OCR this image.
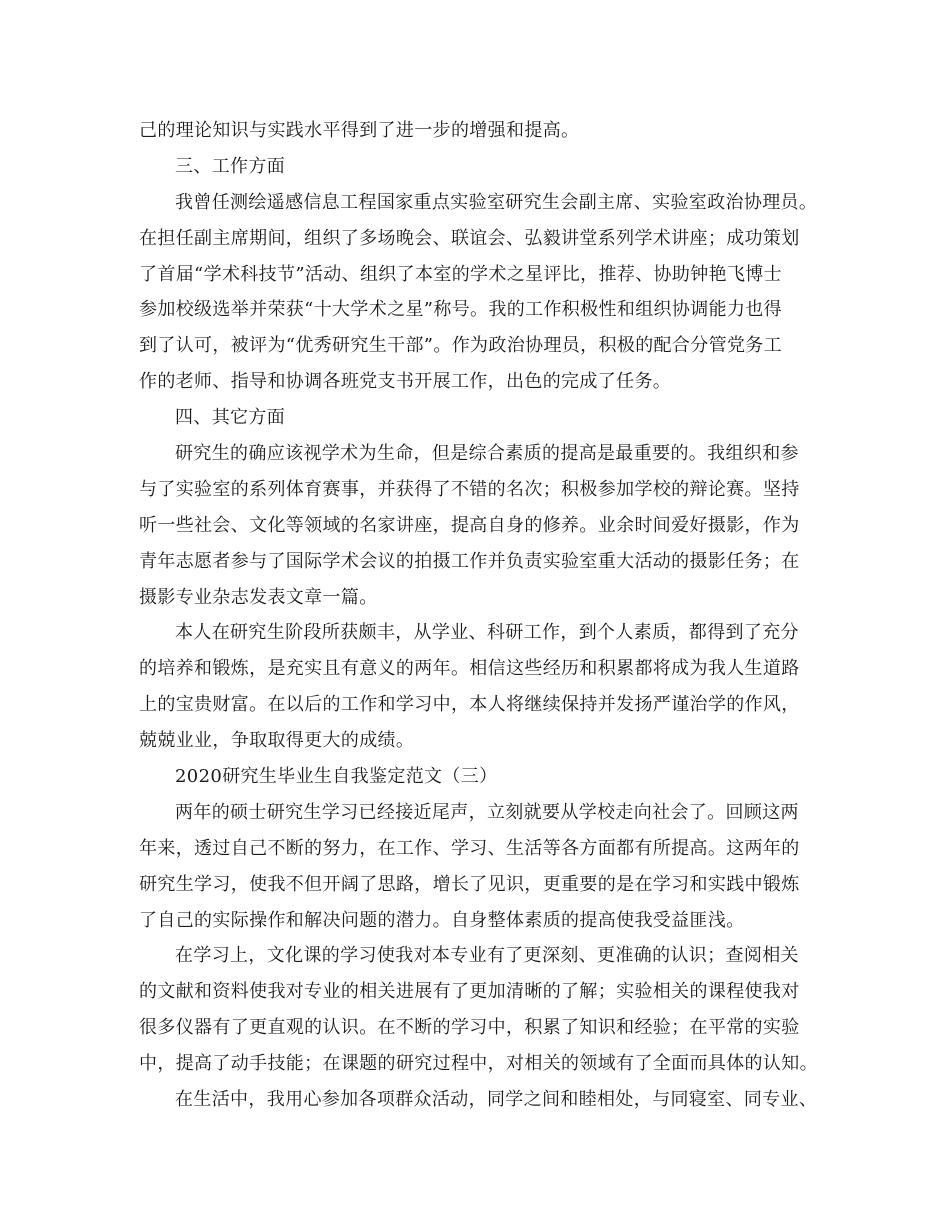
己的理论知识与实践水平得到了进一步的增强和提高。
三、工作方面
我曾任测绘遥感信息工程国家重点实验室研究生会副主席、实验室政治协理员。
在担任副主席期间，组织了多场晚会、联谊会、弘毅讲堂系列学术讲座；成功策划
了首届“学术科技节”活动、组织了本室的学术之星评比，推荐、协助钟艳飞博士
参加校级选举并荣获“十大学术之星”称号。我的工作积极性和组织协调能力也得
到了认可，被评为“优秀研究生干部”。作为政治协理员，积极的配合分管党务工
作的老师、指导和协调各班党支书开展工作，出色的完成了任务。
四、其它方面
研究生的确应该视学术为生命，但是综合素质的提高是最重要的。我组织和参
与了实验室的系列体育赛事，并获得了不错的名次；积极参加学校的辩论赛。坚持
听一些社会、文化等领域的名家讲座，提高自身的修养。业余时间爱好摄影，作为
青年志愿者参与了国际学术会议的拍摄工作并负责实验室重大活动的摄影任务；在
摄影专业杂志发表文章一篇。
本人在研究生阶段所获颇丰，从学业、科研工作，到个人素质，都得到了充分
的培养和锻炼，是充实且有意义的两年。相信这些经历和积累都将成为我人生道路
上的宝贵财富。在以后的工作和学习中，本人将继续保持并发扬严谨治学的作风，
兢兢业业，争取取得更大的成绩。
2020研究生毕业生自我鉴定范文（三）
两年的硕士研究生学习已经接近尾声，立刻就要从学校走向社会了。回顾这两
年来，透过自己不断的努力，在工作、学习、生活等各方面都有所提高。这两年的
研究生学习，使我不但开阔了思路，增长了见识，更重要的是在学习和实践中锻炼
了自己的实际操作和解决问题的潜力。自身整体素质的提高使我受益匪浅。
在学习上，文化课的学习使我对本专业有了更深刻、更准确的认识；查阅相关
的文献和资料使我对专业的相关进展有了更加清晰的了解；实验相关的课程使我对
很多仪器有了更直观的认识。在不断的学习中，积累了知识和经验；在平常的实验
中，提高了动手技能；在课题的研究过程中，对相关的领域有了全面而具体的认知。
在生活中，我用心参加各项群众活动，同学之间和睦相处，与同寝室、同专业、
